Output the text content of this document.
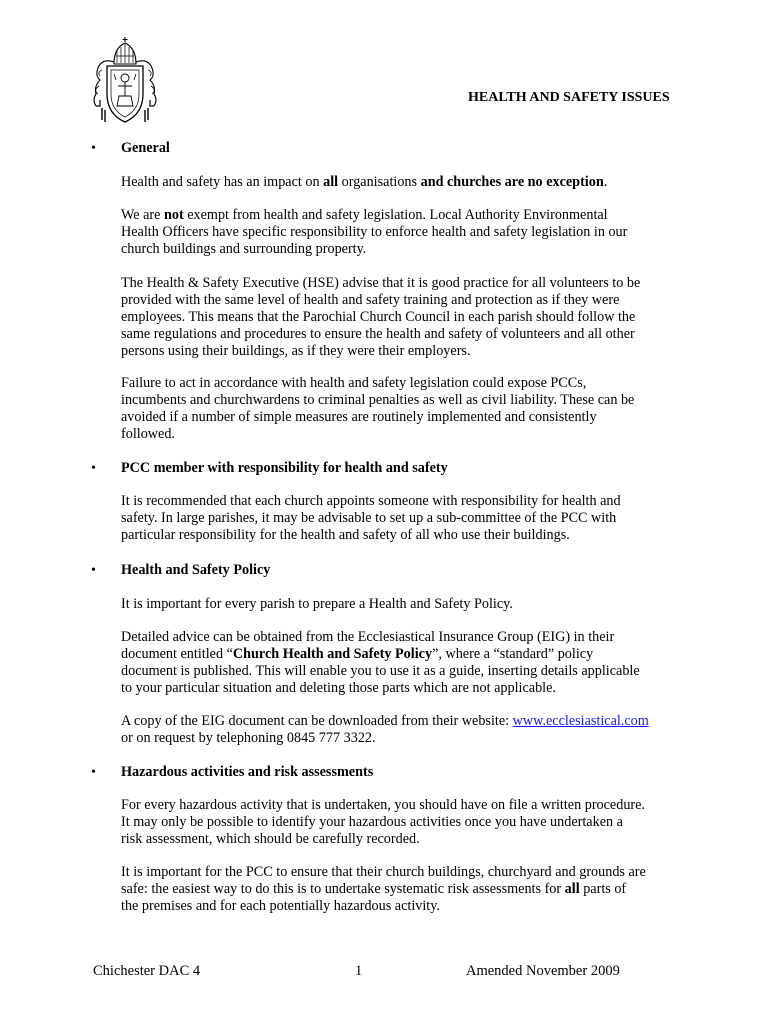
HEALTH AND SAFETY ISSUES
• General
Health and safety has an impact on all organisations and churches are no exception.
We are not exempt from health and safety legislation. Local Authority Environmental
Health Officers have specific responsibility to enforce health and safety legislation in our
church buildings and surrounding property.
The Health & Safety Executive (HSE) advise that it is good practice for all volunteers to be
provided with the same level of health and safety training and protection as if they were
employees. This means that the Parochial Church Council in each parish should follow the
same regulations and procedures to ensure the health and safety of volunteers and all other
persons using their buildings, as if they were their employers.
Failure to act in accordance with health and safety legislation could expose PCCs,
incumbents and churchwardens to criminal penalties as well as civil liability. These can be
avoided if a number of simple measures are routinely implemented and consistently
followed.
• PCC member with responsibility for health and safety
It is recommended that each church appoints someone with responsibility for health and
safety. In large parishes, it may be advisable to set up a sub-committee of the PCC with
particular responsibility for the health and safety of all who use their buildings.
• Health and Safety Policy
It is important for every parish to prepare a Health and Safety Policy.
Detailed advice can be obtained from the Ecclesiastical Insurance Group (EIG) in their
document entitled “Church Health and Safety Policy”, where a “standard” policy
document is published. This will enable you to use it as a guide, inserting details applicable
to your particular situation and deleting those parts which are not applicable.
A copy of the EIG document can be downloaded from their website: www.ecclesiastical.com
or on request by telephoning 0845 777 3322.
• Hazardous activities and risk assessments
For every hazardous activity that is undertaken, you should have on file a written procedure.
It may only be possible to identify your hazardous activities once you have undertaken a
risk assessment, which should be carefully recorded.
It is important for the PCC to ensure that their church buildings, churchyard and grounds are
safe: the easiest way to do this is to undertake systematic risk assessments for all parts of
the premises and for each potentially hazardous activity.
Chichester DAC 4	1	Amended November 2009
